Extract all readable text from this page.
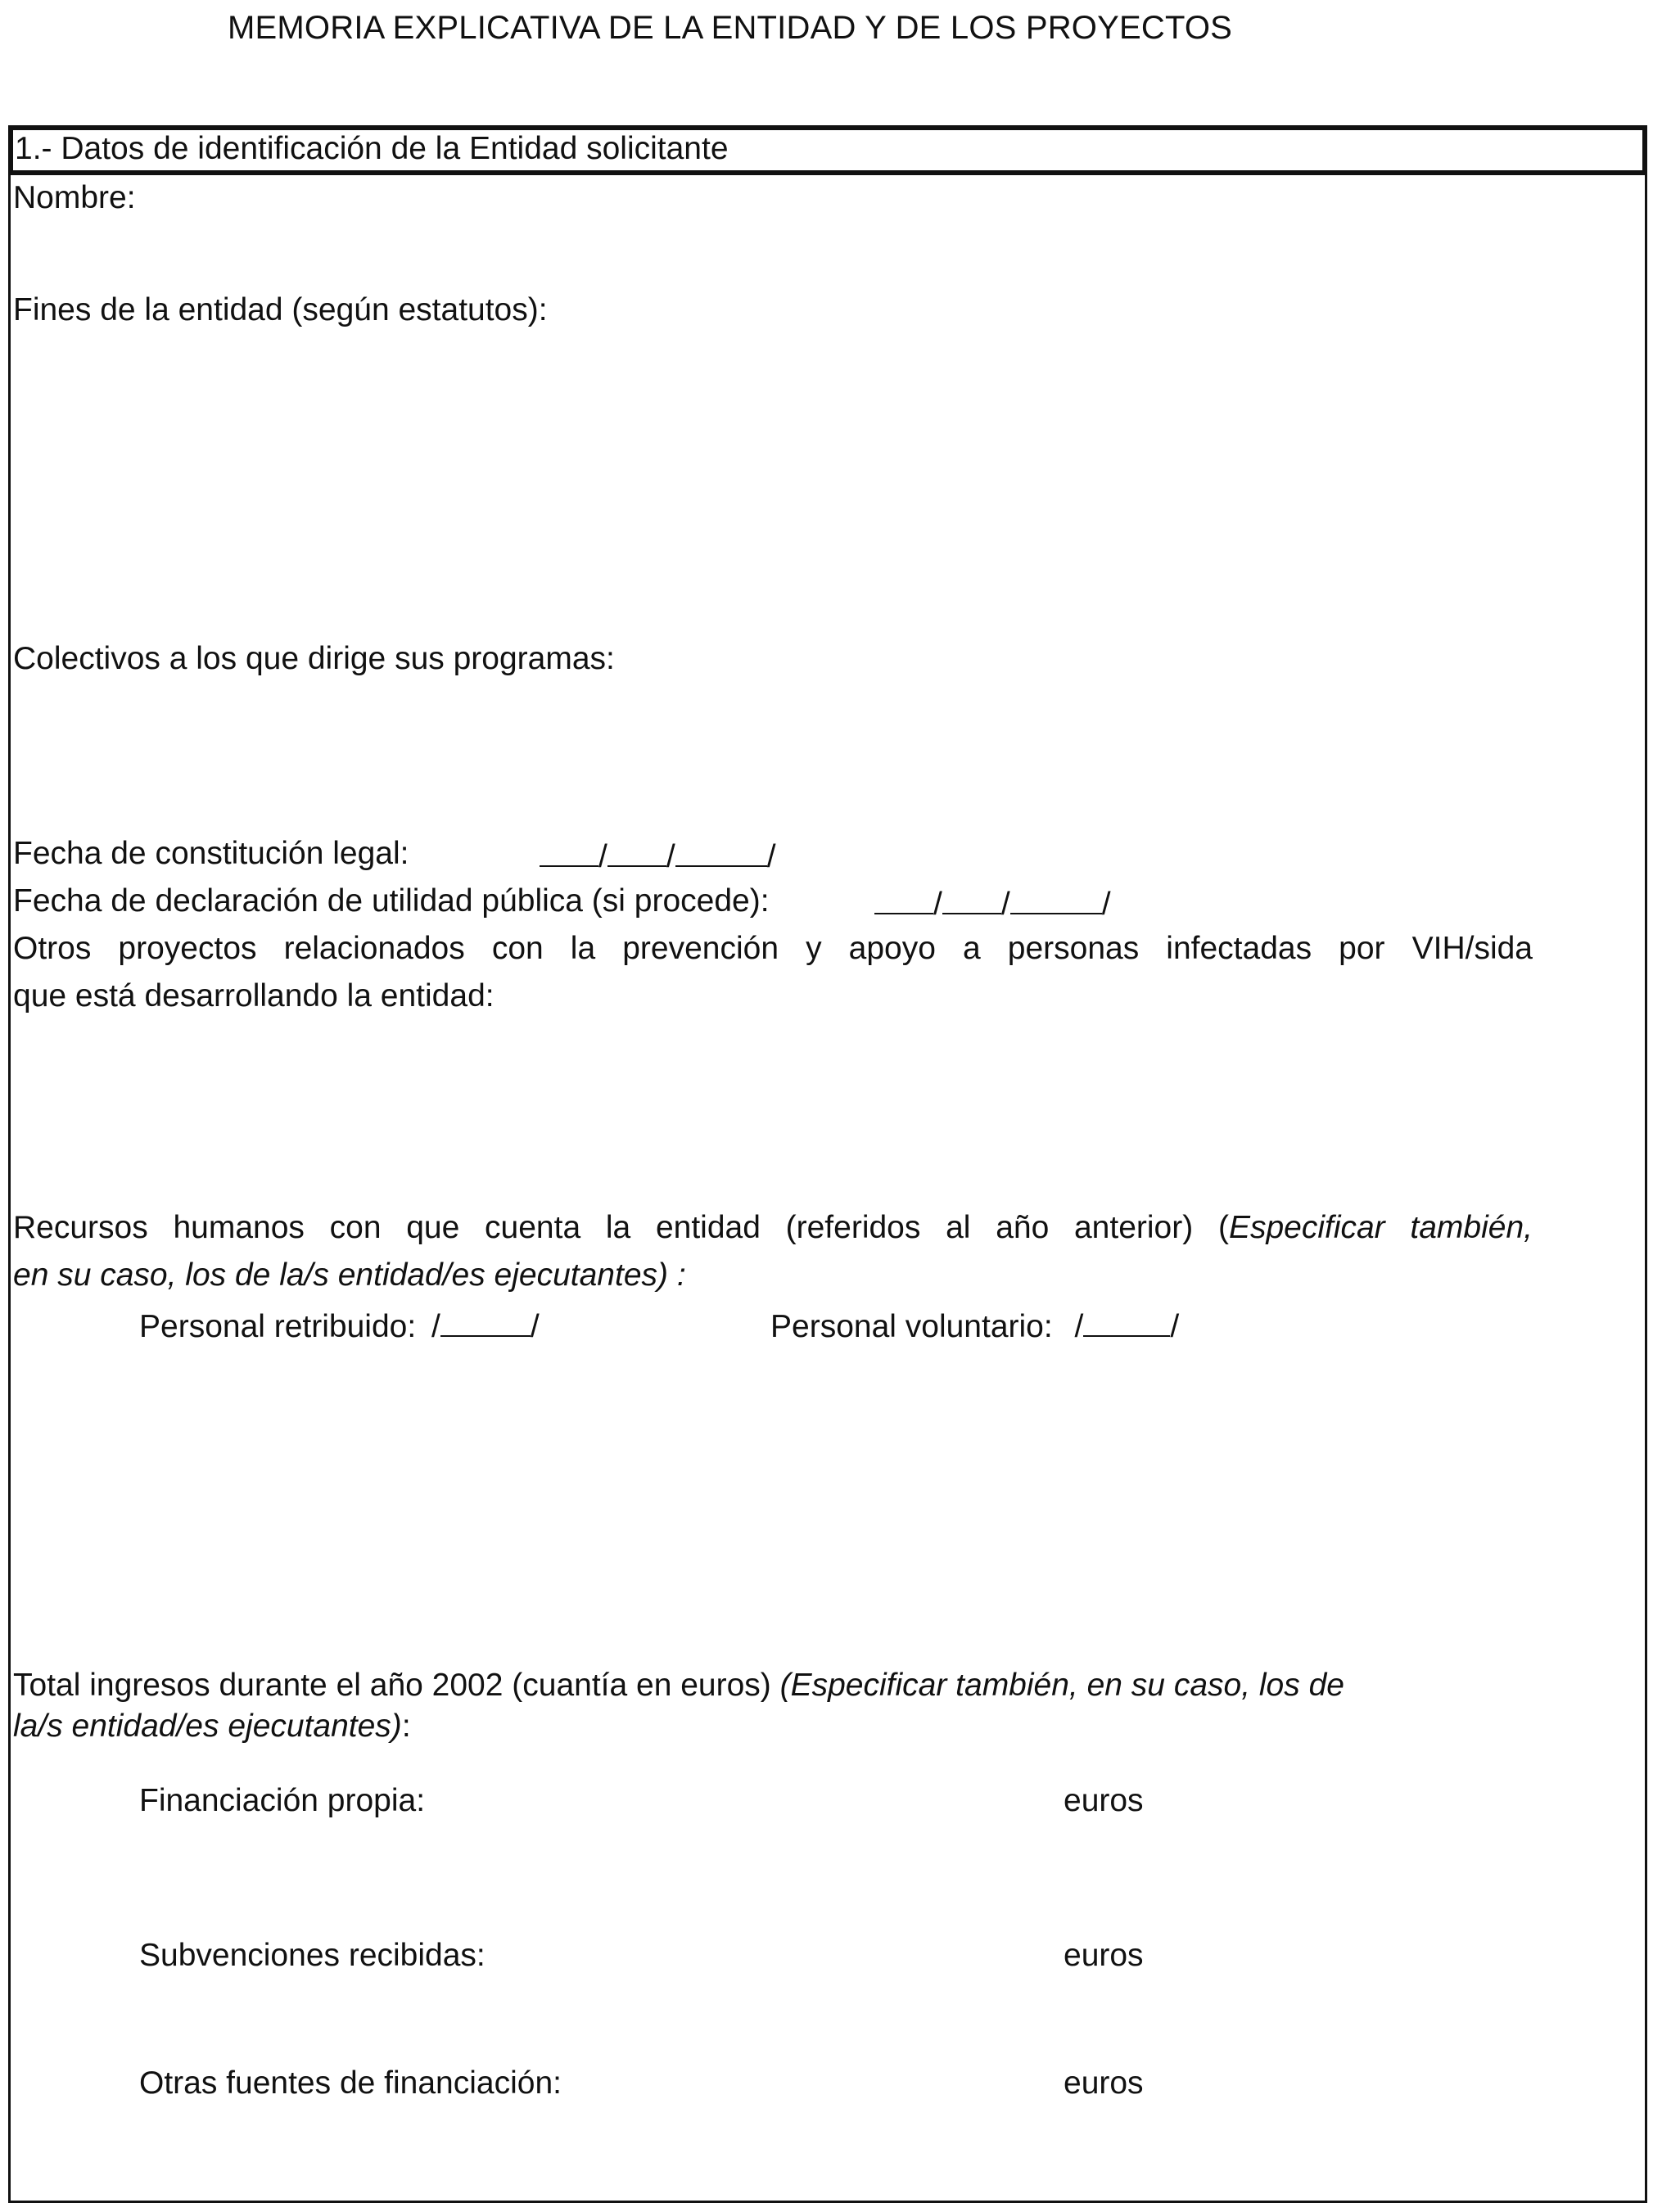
MEMORIA EXPLICATIVA DE LA ENTIDAD Y DE LOS PROYECTOS
1.- Datos de identificación de la Entidad solicitante
Nombre:
Fines de la entidad (según estatutos):
Colectivos a los que dirige sus programas:
Fecha de constitución legal:	/ /	/
Fecha de declaración de utilidad pública (si procede):	/ /	/
Otros proyectos relacionados con la prevención y apoyo a personas infectadas por VIH/sida
que está desarrollando la entidad:
Recursos humanos con que cuenta la entidad (referidos al año anterior) (Especificar también,
en su caso, los de la/s entidad/es ejecutantes) :
Personal retribuido: /	/	Personal voluntario: /	/
Total ingresos durante el año 2002 (cuantía en euros) (Especificar también, en su caso, los de
la/s entidad/es ejecutantes):
Financiación propia:	euros
Subvenciones recibidas:	euros
Otras fuentes de financiación:	euros
